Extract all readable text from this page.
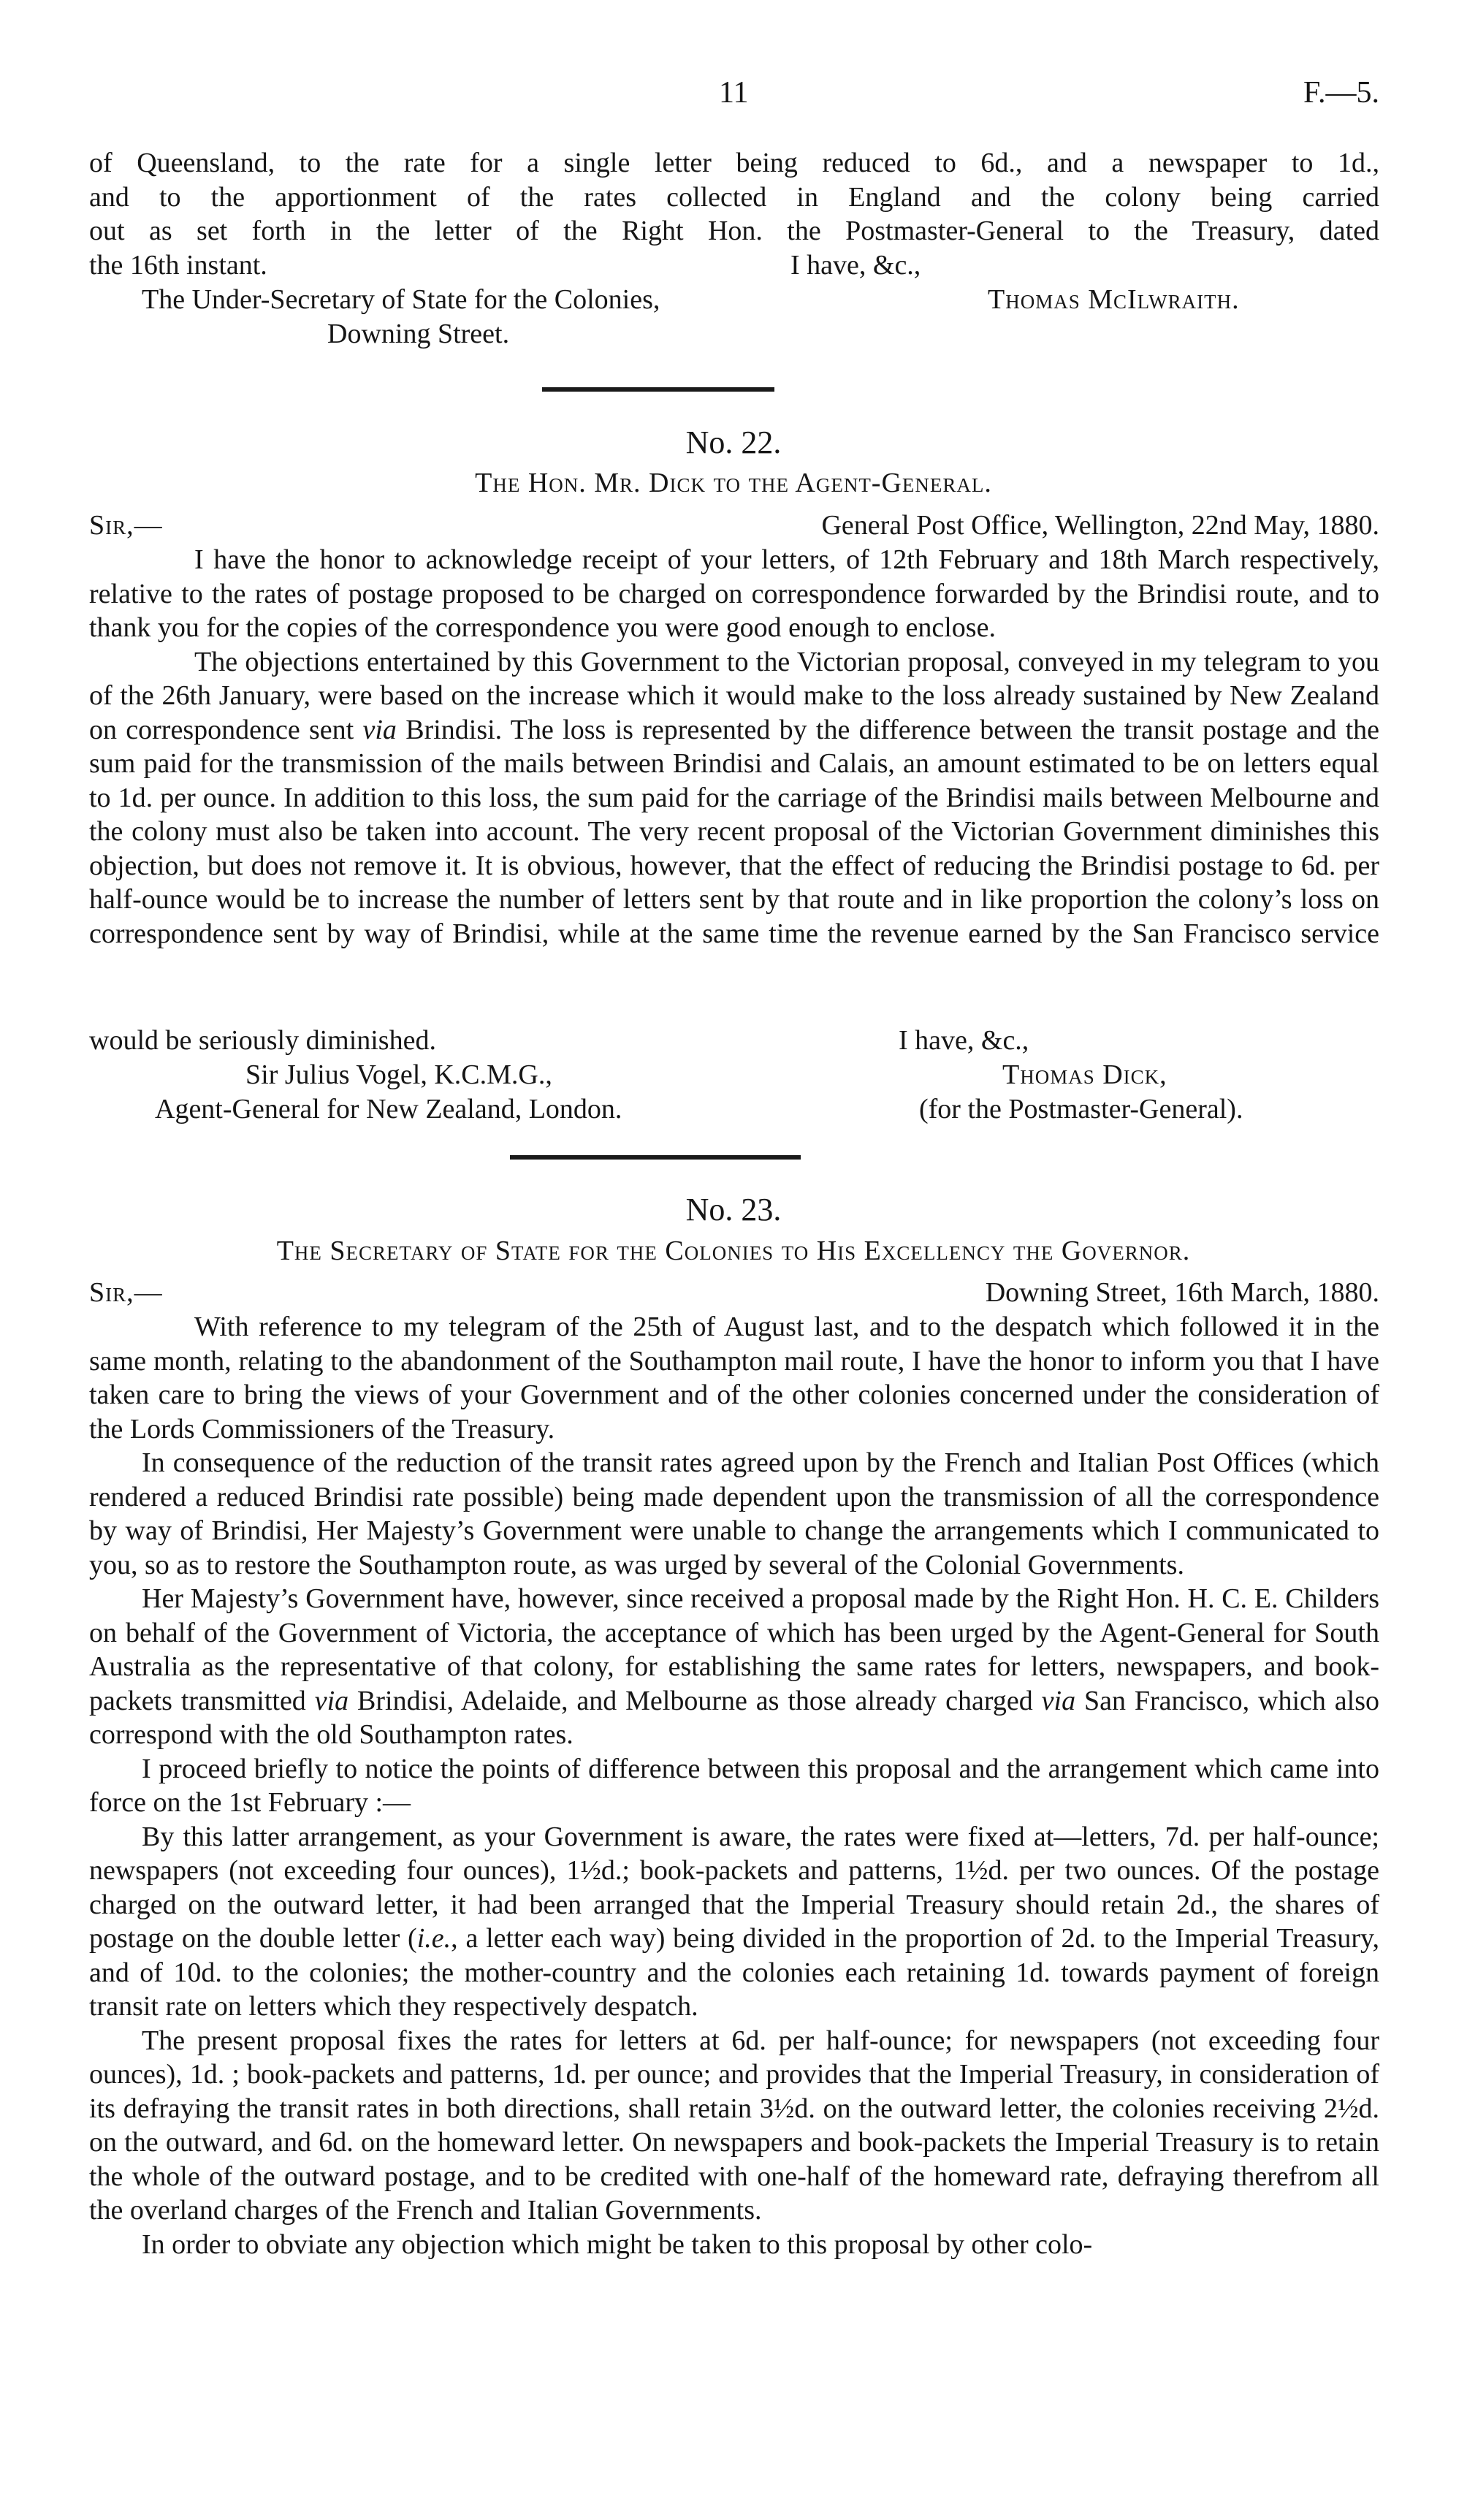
11	F.—5.

of Queensland, to the rate for a single letter being reduced to 6d., and a newspaper to 1d.,
and to the apportionment of the rates collected in England and the colony being carried
out as set forth in the letter of the Right Hon. the Postmaster-General to the Treasury, dated

the 16th instant.	I have, &c.,
The Under-Secretary of State for the Colonies,	Thomas McIlwraith.
Downing Street.
No. 22.
The Hon. Mr. Dick to the Agent-General.
Sir,—	General Post Office, Wellington, 22nd May, 1880.

I have the honor to acknowledge receipt of your letters, of 12th February and 18th March respectively, relative to the rates of postage proposed to be charged on correspondence forwarded by the Brindisi route, and to thank you for the copies of the correspondence you were good enough to enclose.

The objections entertained by this Government to the Victorian proposal, conveyed in my telegram to you of the 26th January, were based on the increase which it would make to the loss already sustained by New Zealand on correspondence sent via Brindisi. The loss is represented by the difference between the transit postage and the sum paid for the transmission of the mails between Brindisi and Calais, an amount estimated to be on letters equal to 1d. per ounce. In addition to this loss, the sum paid for the carriage of the Brindisi mails between Melbourne and the colony must also be taken into account. The very recent proposal of the Victorian Government diminishes this objection, but does not remove it. It is obvious, however, that the effect of reducing the Brindisi postage to 6d. per half-ounce would be to increase the number of letters sent by that route and in like proportion the colony’s loss on correspondence sent by way of Brindisi, while at the same time the revenue earned by the San Francisco service

would be seriously diminished.	I have, &c.,
Sir Julius Vogel, K.C.M.G.,	Thomas Dick,
Agent-General for New Zealand, London.	(for the Postmaster-General).
No. 23.
The Secretary of State for the Colonies to His Excellency the Governor.
Sir,—	Downing Street, 16th March, 1880.

With reference to my telegram of the 25th of August last, and to the despatch which followed it in the same month, relating to the abandonment of the Southampton mail route, I have the honor to inform you that I have taken care to bring the views of your Government and of the other colonies concerned under the consideration of the Lords Commissioners of the Treasury.

In consequence of the reduction of the transit rates agreed upon by the French and Italian Post Offices (which rendered a reduced Brindisi rate possible) being made dependent upon the transmission of all the correspondence by way of Brindisi, Her Majesty’s Government were unable to change the arrangements which I communicated to you, so as to restore the Southampton route, as was urged by several of the Colonial Governments.

Her Majesty’s Government have, however, since received a proposal made by the Right Hon. H. C. E. Childers on behalf of the Government of Victoria, the acceptance of which has been urged by the Agent-General for South Australia as the representative of that colony, for establishing the same rates for letters, newspapers, and book-packets transmitted via Brindisi, Adelaide, and Melbourne as those already charged via San Francisco, which also correspond with the old Southampton rates.

I proceed briefly to notice the points of difference between this proposal and the arrangement which came into force on the 1st February :—

By this latter arrangement, as your Government is aware, the rates were fixed at—letters, 7d. per half-ounce; newspapers (not exceeding four ounces), 1½d.; book-packets and patterns, 1½d. per two ounces. Of the postage charged on the outward letter, it had been arranged that the Imperial Treasury should retain 2d., the shares of postage on the double letter (i.e., a letter each way) being divided in the proportion of 2d. to the Imperial Treasury, and of 10d. to the colonies; the mother-country and the colonies each retaining 1d. towards payment of foreign transit rate on letters which they respectively despatch.

The present proposal fixes the rates for letters at 6d. per half-ounce; for newspapers (not exceeding four ounces), 1d. ; book-packets and patterns, 1d. per ounce; and provides that the Imperial Treasury, in consideration of its defraying the transit rates in both directions, shall retain 3½d. on the outward letter, the colonies receiving 2½d. on the outward, and 6d. on the homeward letter. On newspapers and book-packets the Imperial Treasury is to retain the whole of the outward postage, and to be credited with one-half of the homeward rate, defraying therefrom all the overland charges of the French and Italian Governments.

In order to obviate any objection which might be taken to this proposal by other colo-
